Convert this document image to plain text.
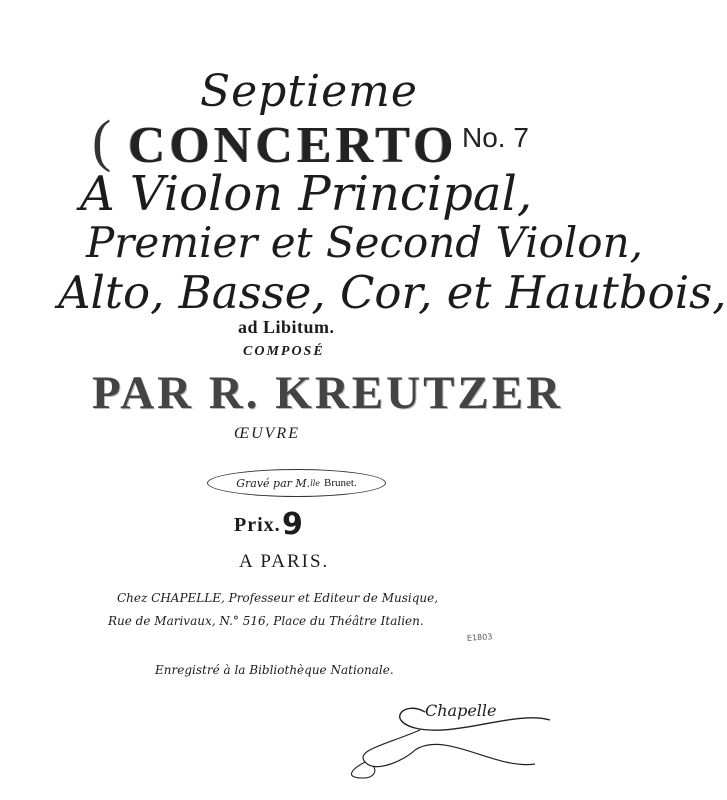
Septieme
( CONCERTO No. 7
A Violon Principal,
Premier et Second Violon,
Alto, Basse, Cor, et Hautbois,
ad Libitum.
COMPOSÉ
PAR R. KREUTZER
ŒUVRE
Gravé par M. lle Brunet.
Prix. 9
A PARIS.
Chez CHAPELLE, Professeur et Editeur de Musique,
Rue de Marivaux, N.° 516, Place du Théâtre Italien.
E1803
Enregistré à la Bibliothèque Nationale.
Chapelle
